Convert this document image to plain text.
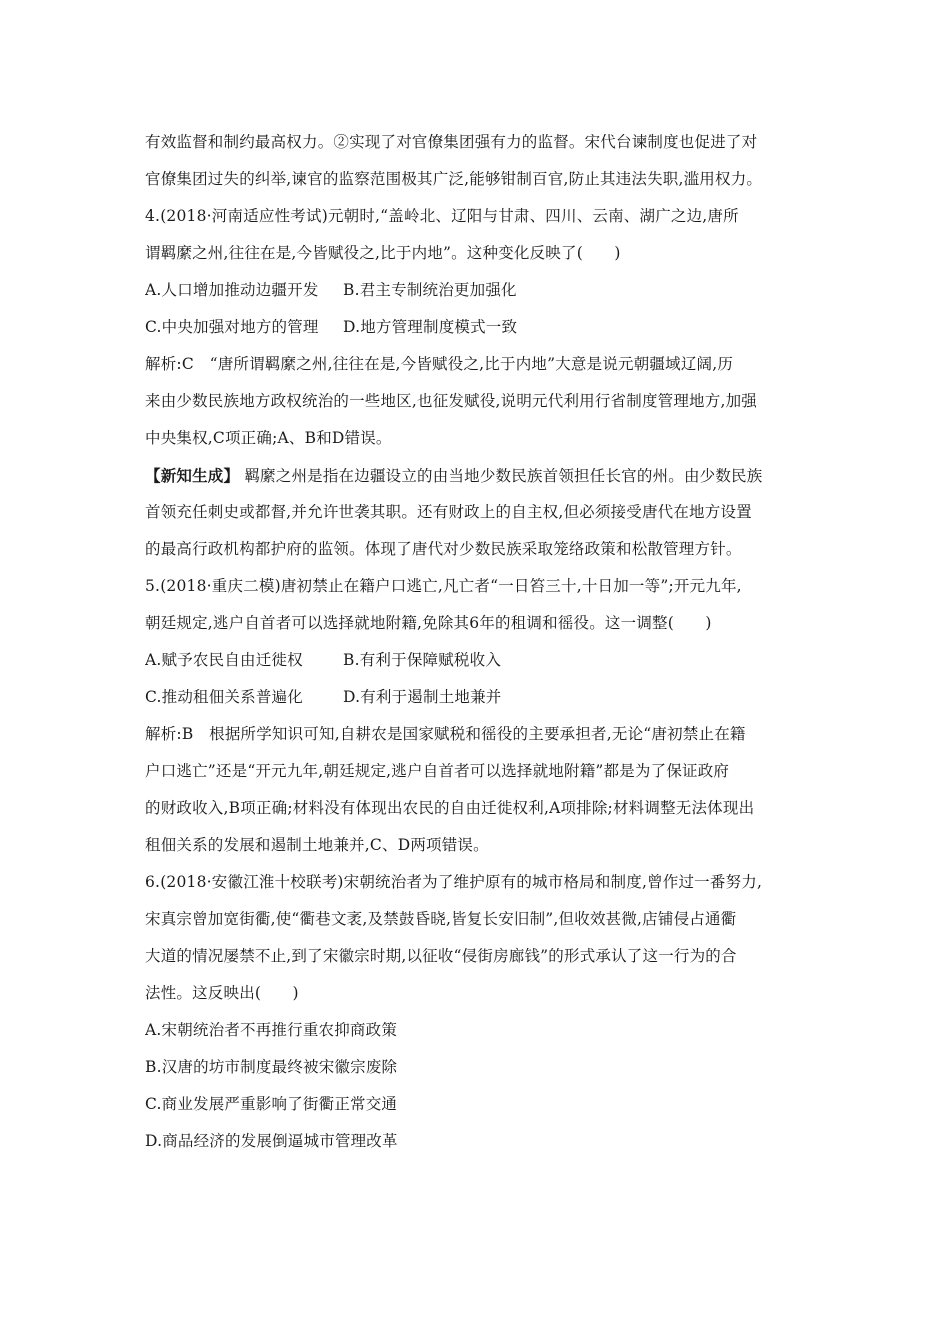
有效监督和制约最高权力。②实现了对官僚集团强有力的监督。宋代台谏制度也促进了对
官僚集团过失的纠举,谏官的监察范围极其广泛,能够钳制百官,防止其违法失职,滥用权力。
4.(2018·河南适应性考试)元朝时,“盖岭北、辽阳与甘肃、四川、云南、湖广之边,唐所
谓羁縻之州,往往在是,今皆赋役之,比于内地”。这种变化反映了(　　)
A.人口增加推动边疆开发	B.君主专制统治更加强化
C.中央加强对地方的管理	D.地方管理制度模式一致
解析:C　“唐所谓羁縻之州,往往在是,今皆赋役之,比于内地”大意是说元朝疆域辽阔,历
来由少数民族地方政权统治的一些地区,也征发赋役,说明元代利用行省制度管理地方,加强
中央集权,C项正确;A、B和D错误。
【新知生成】 羁縻之州是指在边疆设立的由当地少数民族首领担任长官的州。由少数民族
首领充任刺史或都督,并允许世袭其职。还有财政上的自主权,但必须接受唐代在地方设置
的最高行政机构都护府的监领。体现了唐代对少数民族采取笼络政策和松散管理方针。
5.(2018·重庆二模)唐初禁止在籍户口逃亡,凡亡者“一日笞三十,十日加一等”;开元九年,
朝廷规定,逃户自首者可以选择就地附籍,免除其6年的租调和徭役。这一调整(　　)
A.赋予农民自由迁徙权	B.有利于保障赋税收入
C.推动租佃关系普遍化	D.有利于遏制土地兼并
解析:B　根据所学知识可知,自耕农是国家赋税和徭役的主要承担者,无论“唐初禁止在籍
户口逃亡”还是“开元九年,朝廷规定,逃户自首者可以选择就地附籍”都是为了保证政府
的财政收入,B项正确;材料没有体现出农民的自由迁徙权利,A项排除;材料调整无法体现出
租佃关系的发展和遏制土地兼并,C、D两项错误。
6.(2018·安徽江淮十校联考)宋朝统治者为了维护原有的城市格局和制度,曾作过一番努力,
宋真宗曾加宽街衢,使“衢巷文袤,及禁鼓昏晓,皆复长安旧制”,但收效甚微,店铺侵占通衢
大道的情况屡禁不止,到了宋徽宗时期,以征收“侵街房廊钱”的形式承认了这一行为的合
法性。这反映出(　　)
A.宋朝统治者不再推行重农抑商政策
B.汉唐的坊市制度最终被宋徽宗废除
C.商业发展严重影响了街衢正常交通
D.商品经济的发展倒逼城市管理改革
